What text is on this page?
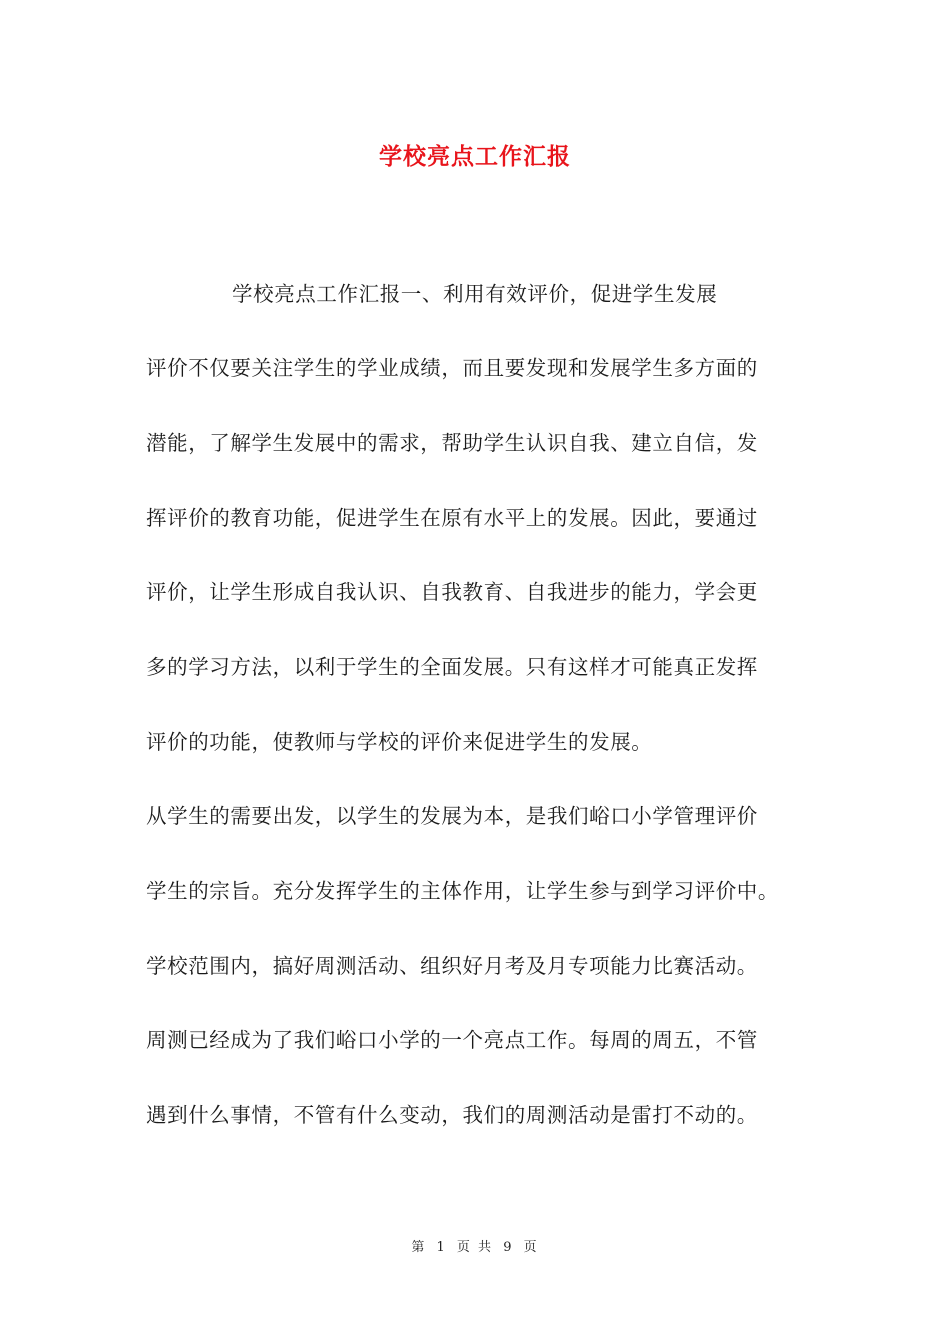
学校亮点工作汇报
学校亮点工作汇报一、利用有效评价，促进学生发展
评价不仅要关注学生的学业成绩，而且要发现和发展学生多方面的
潜能，了解学生发展中的需求，帮助学生认识自我、建立自信，发
挥评价的教育功能，促进学生在原有水平上的发展。因此，要通过
评价，让学生形成自我认识、自我教育、自我进步的能力，学会更
多的学习方法，以利于学生的全面发展。只有这样才可能真正发挥
评价的功能，使教师与学校的评价来促进学生的发展。
从学生的需要出发，以学生的发展为本，是我们峪口小学管理评价
学生的宗旨。充分发挥学生的主体作用，让学生参与到学习评价中。
学校范围内，搞好周测活动、组织好月考及月专项能力比赛活动。
周测已经成为了我们峪口小学的一个亮点工作。每周的周五，不管
遇到什么事情，不管有什么变动，我们的周测活动是雷打不动的。
第 1 页 共 9 页
